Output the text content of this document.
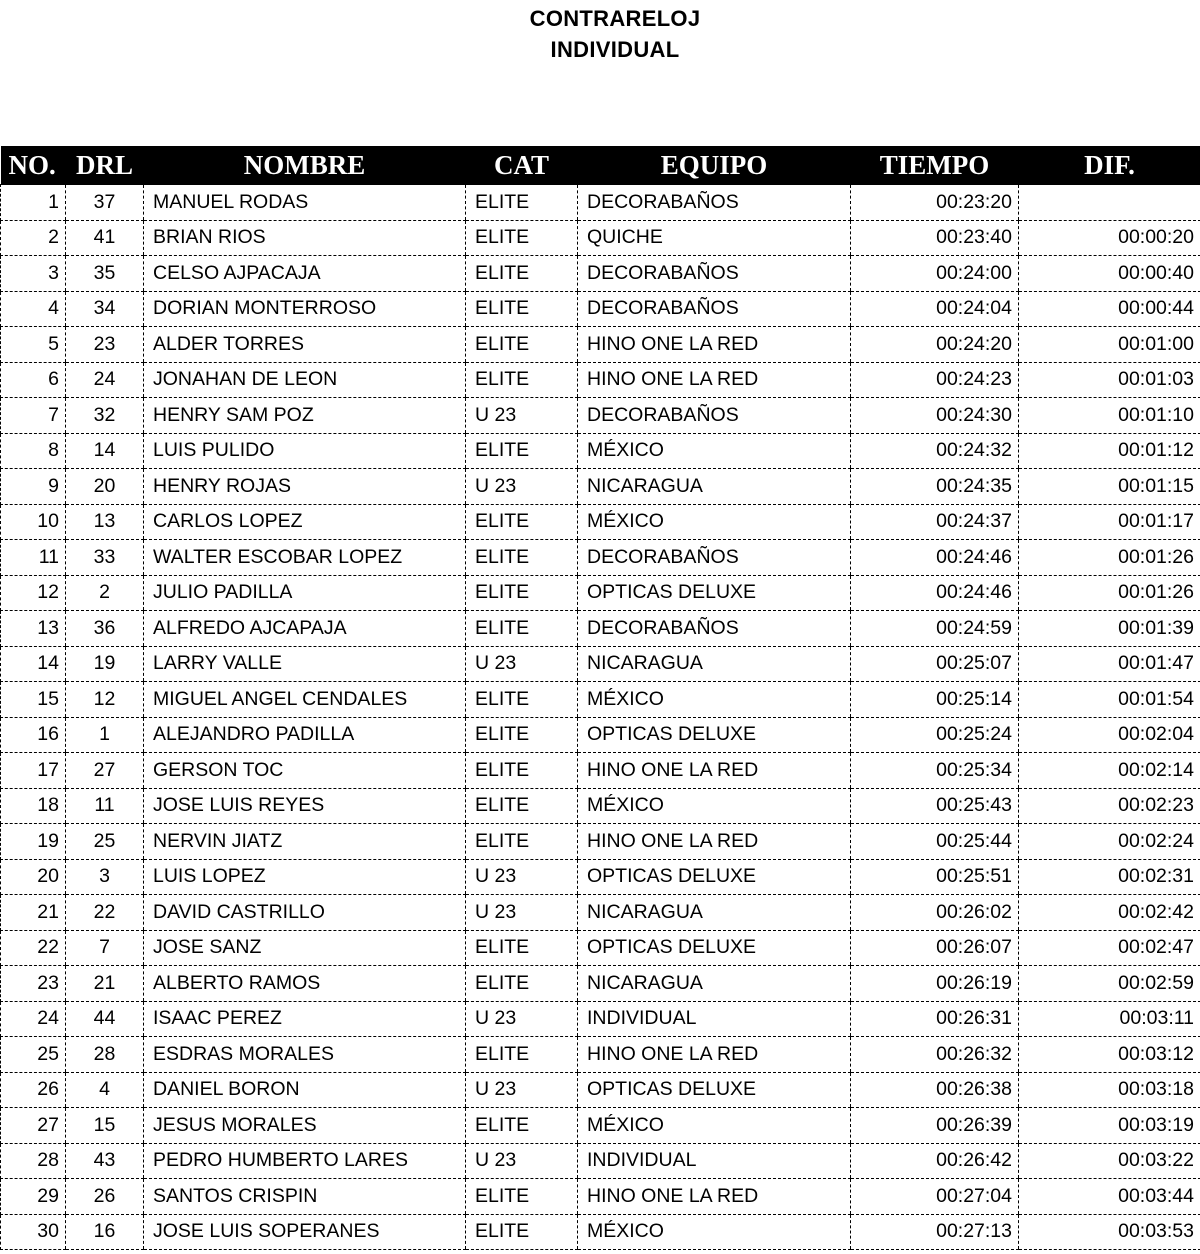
CONTRARELOJ
INDIVIDUAL
NO.	DRL	NOMBRE	CAT	EQUIPO	TIEMPO	DIF.
1	37	MANUEL RODAS	ELITE	DECORABAÑOS	00:23:20	
2	41	BRIAN RIOS	ELITE	QUICHE	00:23:40	00:00:20
3	35	CELSO AJPACAJA	ELITE	DECORABAÑOS	00:24:00	00:00:40
4	34	DORIAN MONTERROSO	ELITE	DECORABAÑOS	00:24:04	00:00:44
5	23	ALDER TORRES	ELITE	HINO ONE LA RED	00:24:20	00:01:00
6	24	JONAHAN DE LEON	ELITE	HINO ONE LA RED	00:24:23	00:01:03
7	32	HENRY SAM POZ	U 23	DECORABAÑOS	00:24:30	00:01:10
8	14	LUIS PULIDO	ELITE	MÉXICO	00:24:32	00:01:12
9	20	HENRY ROJAS	U 23	NICARAGUA	00:24:35	00:01:15
10	13	CARLOS LOPEZ	ELITE	MÉXICO	00:24:37	00:01:17
11	33	WALTER ESCOBAR LOPEZ	ELITE	DECORABAÑOS	00:24:46	00:01:26
12	2	JULIO PADILLA	ELITE	OPTICAS DELUXE	00:24:46	00:01:26
13	36	ALFREDO AJCAPAJA	ELITE	DECORABAÑOS	00:24:59	00:01:39
14	19	LARRY VALLE	U 23	NICARAGUA	00:25:07	00:01:47
15	12	MIGUEL ANGEL CENDALES	ELITE	MÉXICO	00:25:14	00:01:54
16	1	ALEJANDRO PADILLA	ELITE	OPTICAS DELUXE	00:25:24	00:02:04
17	27	GERSON TOC	ELITE	HINO ONE LA RED	00:25:34	00:02:14
18	11	JOSE LUIS REYES	ELITE	MÉXICO	00:25:43	00:02:23
19	25	NERVIN JIATZ	ELITE	HINO ONE LA RED	00:25:44	00:02:24
20	3	LUIS LOPEZ	U 23	OPTICAS DELUXE	00:25:51	00:02:31
21	22	DAVID CASTRILLO	U 23	NICARAGUA	00:26:02	00:02:42
22	7	JOSE SANZ	ELITE	OPTICAS DELUXE	00:26:07	00:02:47
23	21	ALBERTO RAMOS	ELITE	NICARAGUA	00:26:19	00:02:59
24	44	ISAAC PEREZ	U 23	INDIVIDUAL	00:26:31	00:03:11
25	28	ESDRAS MORALES	ELITE	HINO ONE LA RED	00:26:32	00:03:12
26	4	DANIEL BORON	U 23	OPTICAS DELUXE	00:26:38	00:03:18
27	15	JESUS MORALES	ELITE	MÉXICO	00:26:39	00:03:19
28	43	PEDRO HUMBERTO LARES	U 23	INDIVIDUAL	00:26:42	00:03:22
29	26	SANTOS CRISPIN	ELITE	HINO ONE LA RED	00:27:04	00:03:44
30	16	JOSE LUIS SOPERANES	ELITE	MÉXICO	00:27:13	00:03:53
